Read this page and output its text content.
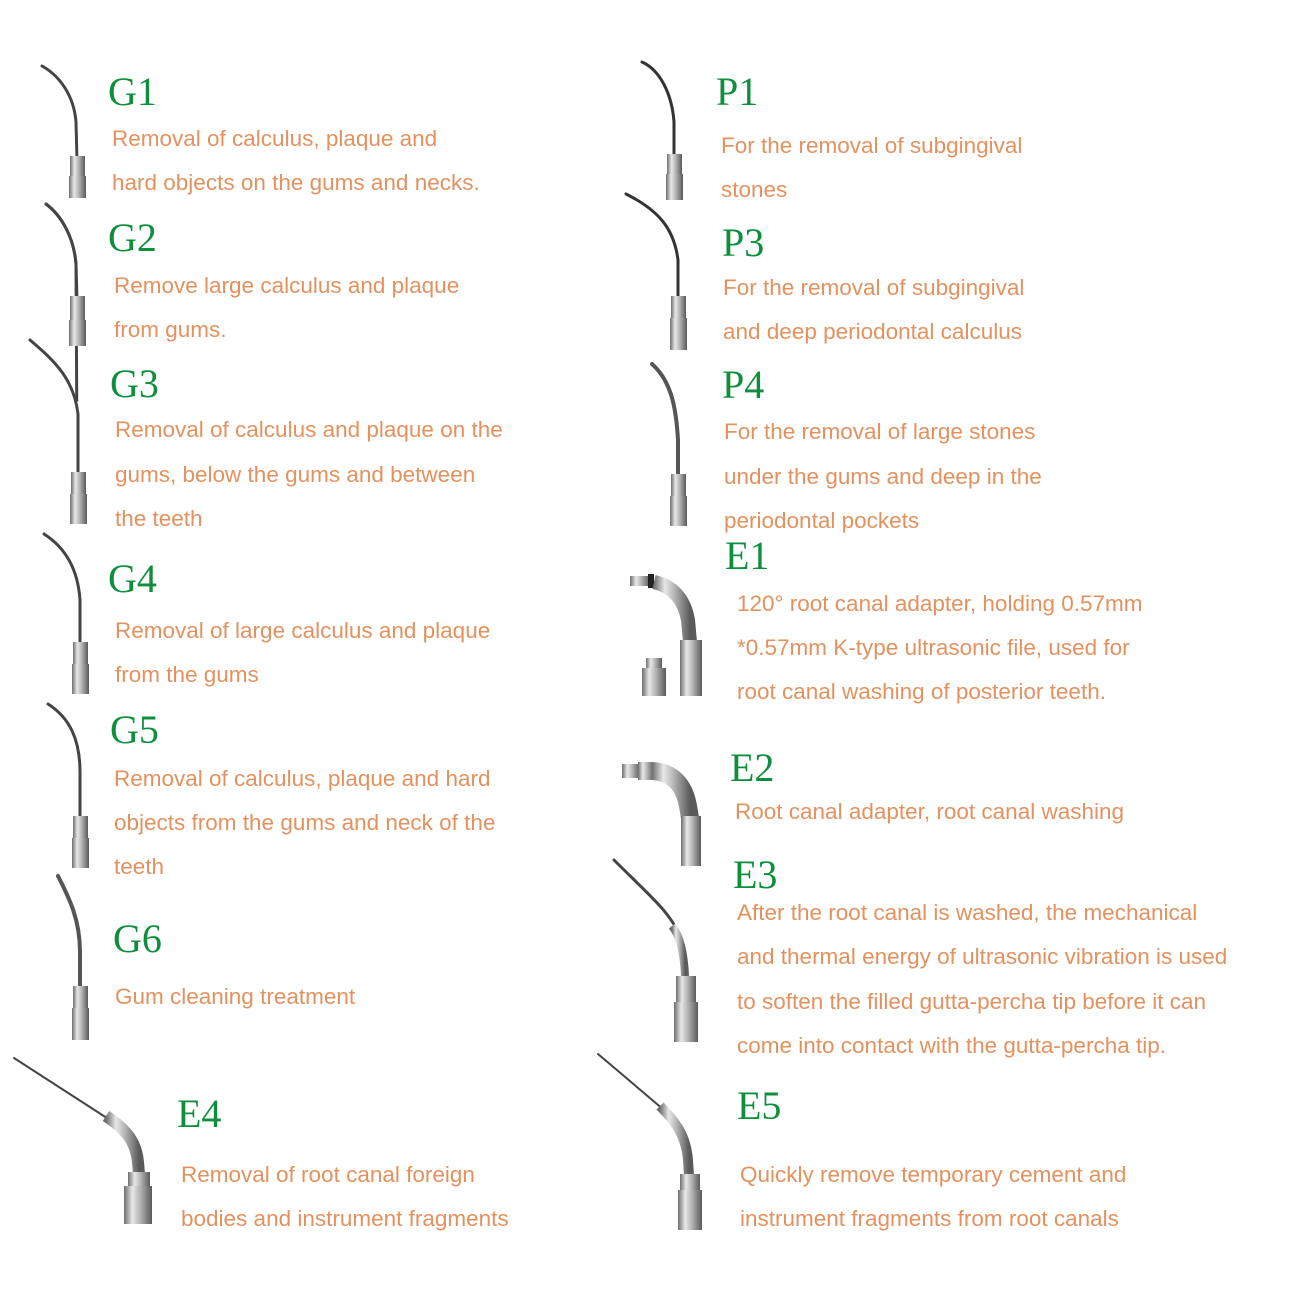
G1
Removal of calculus, plaque and
hard objects on the gums and necks.
G2
Remove large calculus and plaque
from gums.
G3
Removal of calculus and plaque on the
gums, below the gums and between
the teeth
G4
Removal of large calculus and plaque
from the gums
G5
Removal of calculus, plaque and hard
objects from the gums and neck of the
teeth
G6
Gum cleaning treatment
E4
Removal of root canal foreign
bodies and instrument fragments
P1
For the removal of subgingival
stones
P3
For the removal of subgingival
and deep periodontal calculus
P4
For the removal of large stones
under the gums and deep in the
periodontal pockets
E1
120° root canal adapter, holding 0.57mm
*0.57mm K-type ultrasonic file, used for
root canal washing of posterior teeth.
E2
Root canal adapter, root canal washing
E3
After the root canal is washed, the mechanical
and thermal energy of ultrasonic vibration is used
to soften the filled gutta-percha tip before it can
come into contact with the gutta-percha tip.
E5
Quickly remove temporary cement and
instrument fragments from root canals
